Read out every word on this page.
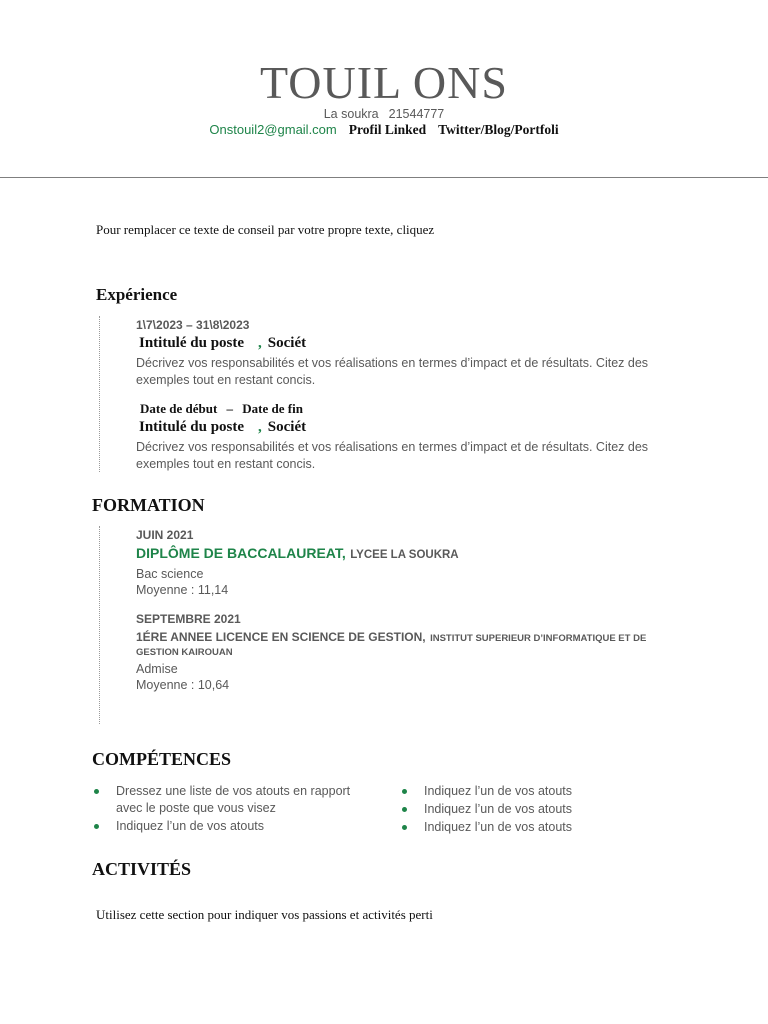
TOUIL ONS
La soukra 21544777
Onstouil2@gmail.com Profil Linked Twitter/Blog/Portfoli
Pour remplacer ce texte de conseil par votre propre texte, cliquez
Expérience
1\7\2023 – 31\8\2023
Intitulé du poste , Sociét
Décrivez vos responsabilités et vos réalisations en termes d’impact et de résultats. Citez des exemples tout en restant concis.
Date de début – Date de fin
Intitulé du poste , Sociét
Décrivez vos responsabilités et vos réalisations en termes d’impact et de résultats. Citez des exemples tout en restant concis.
FORMATION
JUIN 2021
DIPLÔME DE BACCALAUREAT, LYCEE LA SOUKRA
Bac science
Moyenne : 11,14
SEPTEMBRE 2021
1ÉRE ANNEE LICENCE EN SCIENCE DE GESTION, INSTITUT SUPERIEUR D’INFORMATIQUE ET DE
GESTION KAIROUAN
Admise
Moyenne : 10,64
COMPÉTENCES
Dressez une liste de vos atouts en rapport avec le poste que vous visez
Indiquez l’un de vos atouts
Indiquez l’un de vos atouts
Indiquez l’un de vos atouts
Indiquez l’un de vos atouts
ACTIVITÉS
Utilisez cette section pour indiquer vos passions et activités perti
